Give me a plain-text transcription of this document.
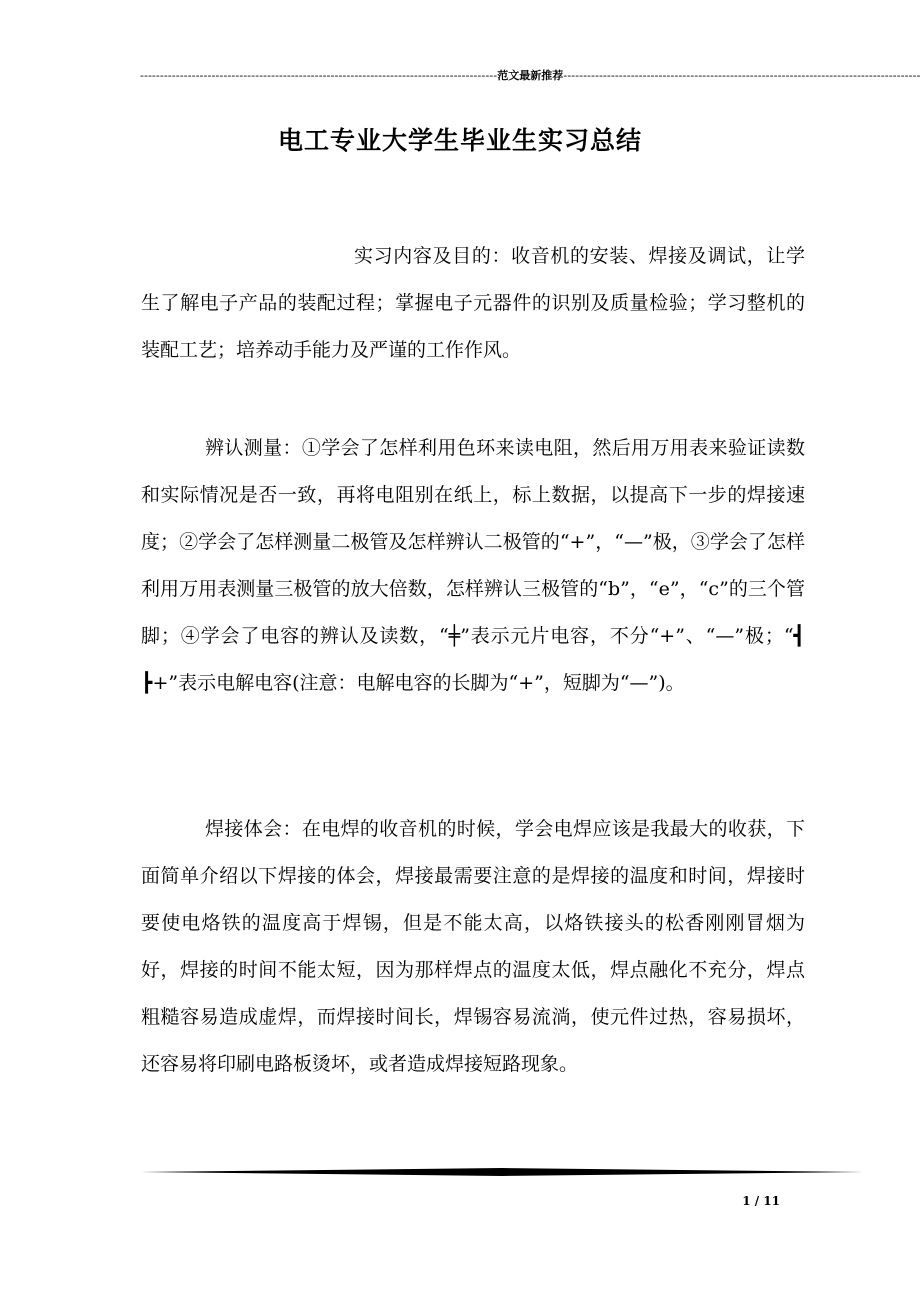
------------------------------------------------------------------------------------------范文最新推荐------------------------------------------------------------------------------------------
电工专业大学生毕业生实习总结

实习内容及目的：收音机的安装、焊接及调试，让学生了解电子产品的装配过程；掌握电子元器件的识别及质量检验；学习整机的装配工艺；培养动手能力及严谨的工作作风。

辨认测量：①学会了怎样利用色环来读电阻，然后用万用表来验证读数和实际情况是否一致，再将电阻别在纸上，标上数据，以提高下一步的焊接速度；②学会了怎样测量二极管及怎样辨认二极管的“+”，“—”极，③学会了怎样利用万用表测量三极管的放大倍数，怎样辨认三极管的“b”，“e”，“c”的三个管脚；④学会了电容的辨认及读数，“╪”表示元片电容，不分“+”、“—”极；“┫ ┣+”表示电解电容(注意：电解电容的长脚为“+”，短脚为“—”)。

焊接体会：在电焊的收音机的时候，学会电焊应该是我最大的收获，下面简单介绍以下焊接的体会，焊接最需要注意的是焊接的温度和时间，焊接时要使电烙铁的温度高于焊锡，但是不能太高，以烙铁接头的松香刚刚冒烟为好，焊接的时间不能太短，因为那样焊点的温度太低，焊点融化不充分，焊点粗糙容易造成虚焊，而焊接时间长，焊锡容易流淌，使元件过热，容易损坏，还容易将印刷电路板烫坏，或者造成焊接短路现象。

1 / 11
